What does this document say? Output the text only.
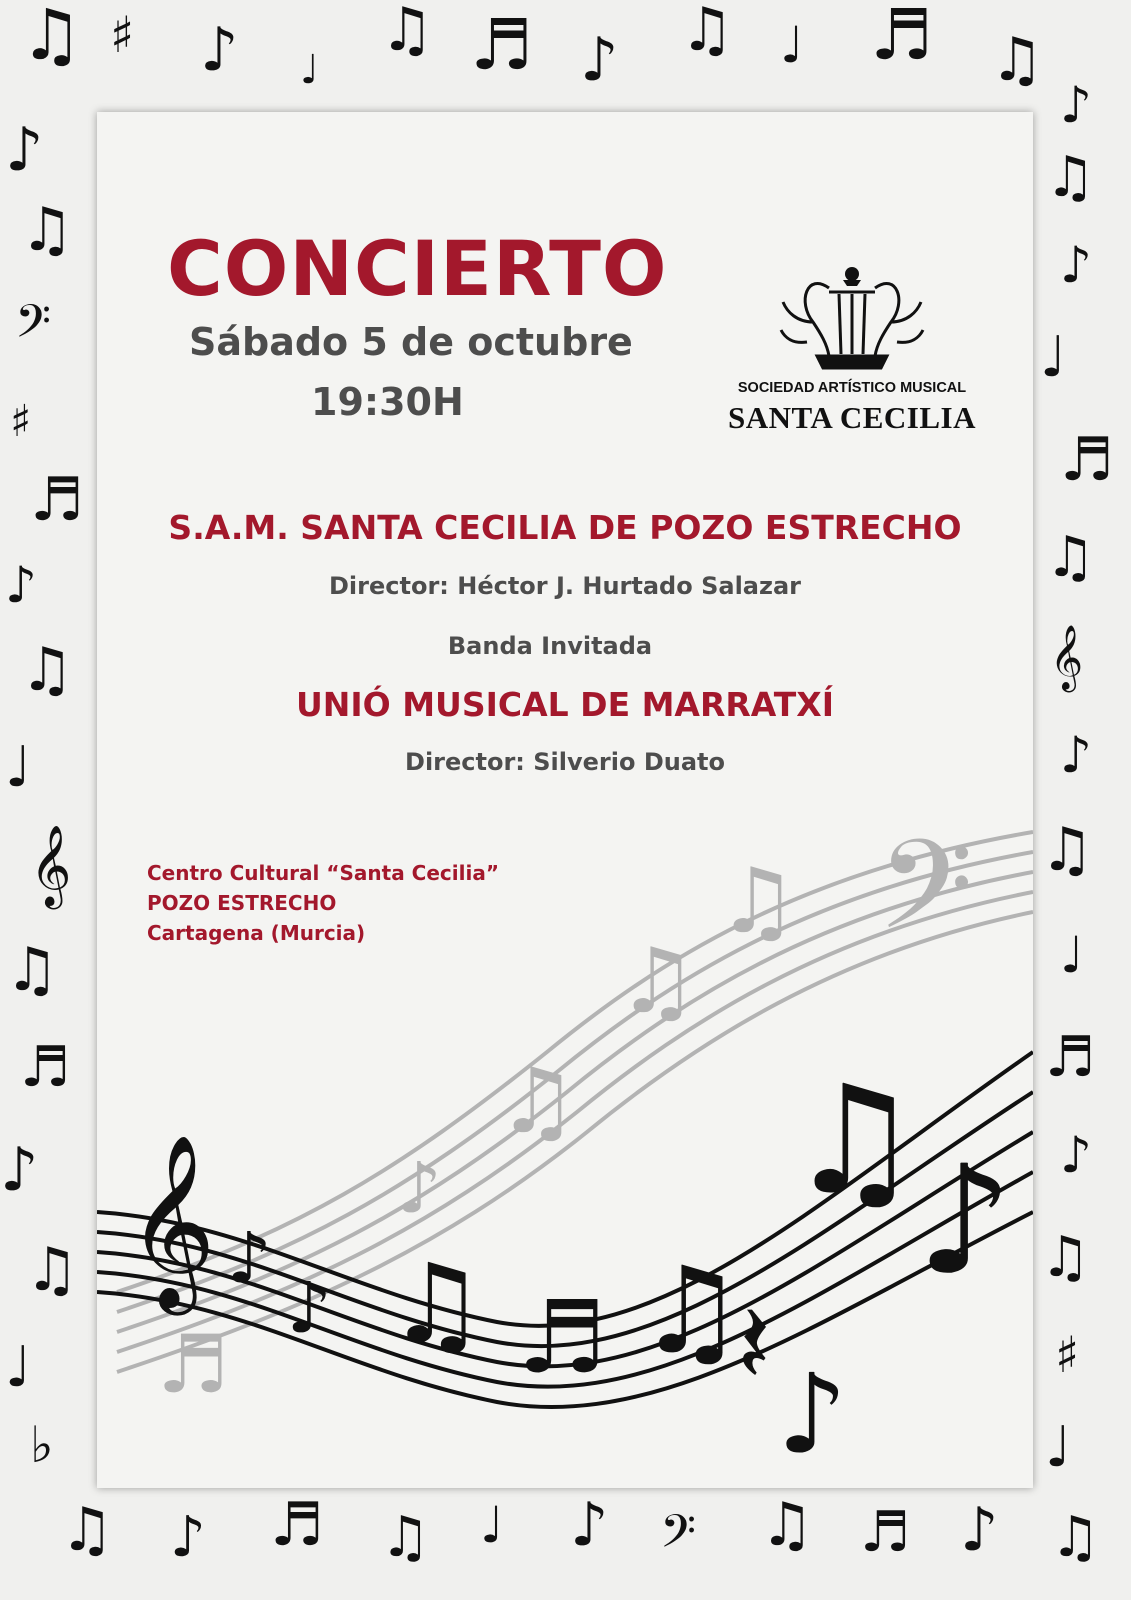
♫ ♯ ♪ ♩
♫ ♬ ♪ ♫ ♩ ♬ ♫
♪
♪
♫
𝄢
♯
♬
♪
♫
♩
𝄞
♫
♬
♪
♫
♩
♭
♫
♪
♩
♬
♫
𝄞
♪
♫
♩
♬
♪
♫
♯
♩
♫ ♪ ♬ ♫ ♩ ♪ 𝄢 ♫ ♬ ♪ ♫
CONCIERTO
Sábado 5 de octubre
19:30H	SOCIEDAD ARTÍSTICO MUSICAL
SANTA CECILIA
S.A.M. SANTA CECILIA DE POZO ESTRECHO
Director: Héctor J. Hurtado Salazar
Banda Invitada
UNIÓ MUSICAL DE MARRATXÍ
Director: Silverio Duato
Centro Cultural “Santa Cecilia”
POZO ESTRECHO
Cartagena (Murcia)	𝄢
♫
♫
♫
♪
♬
𝄞 ♪
♪ ♫ ♬ ♫
𝄽
♫
♪
♪
